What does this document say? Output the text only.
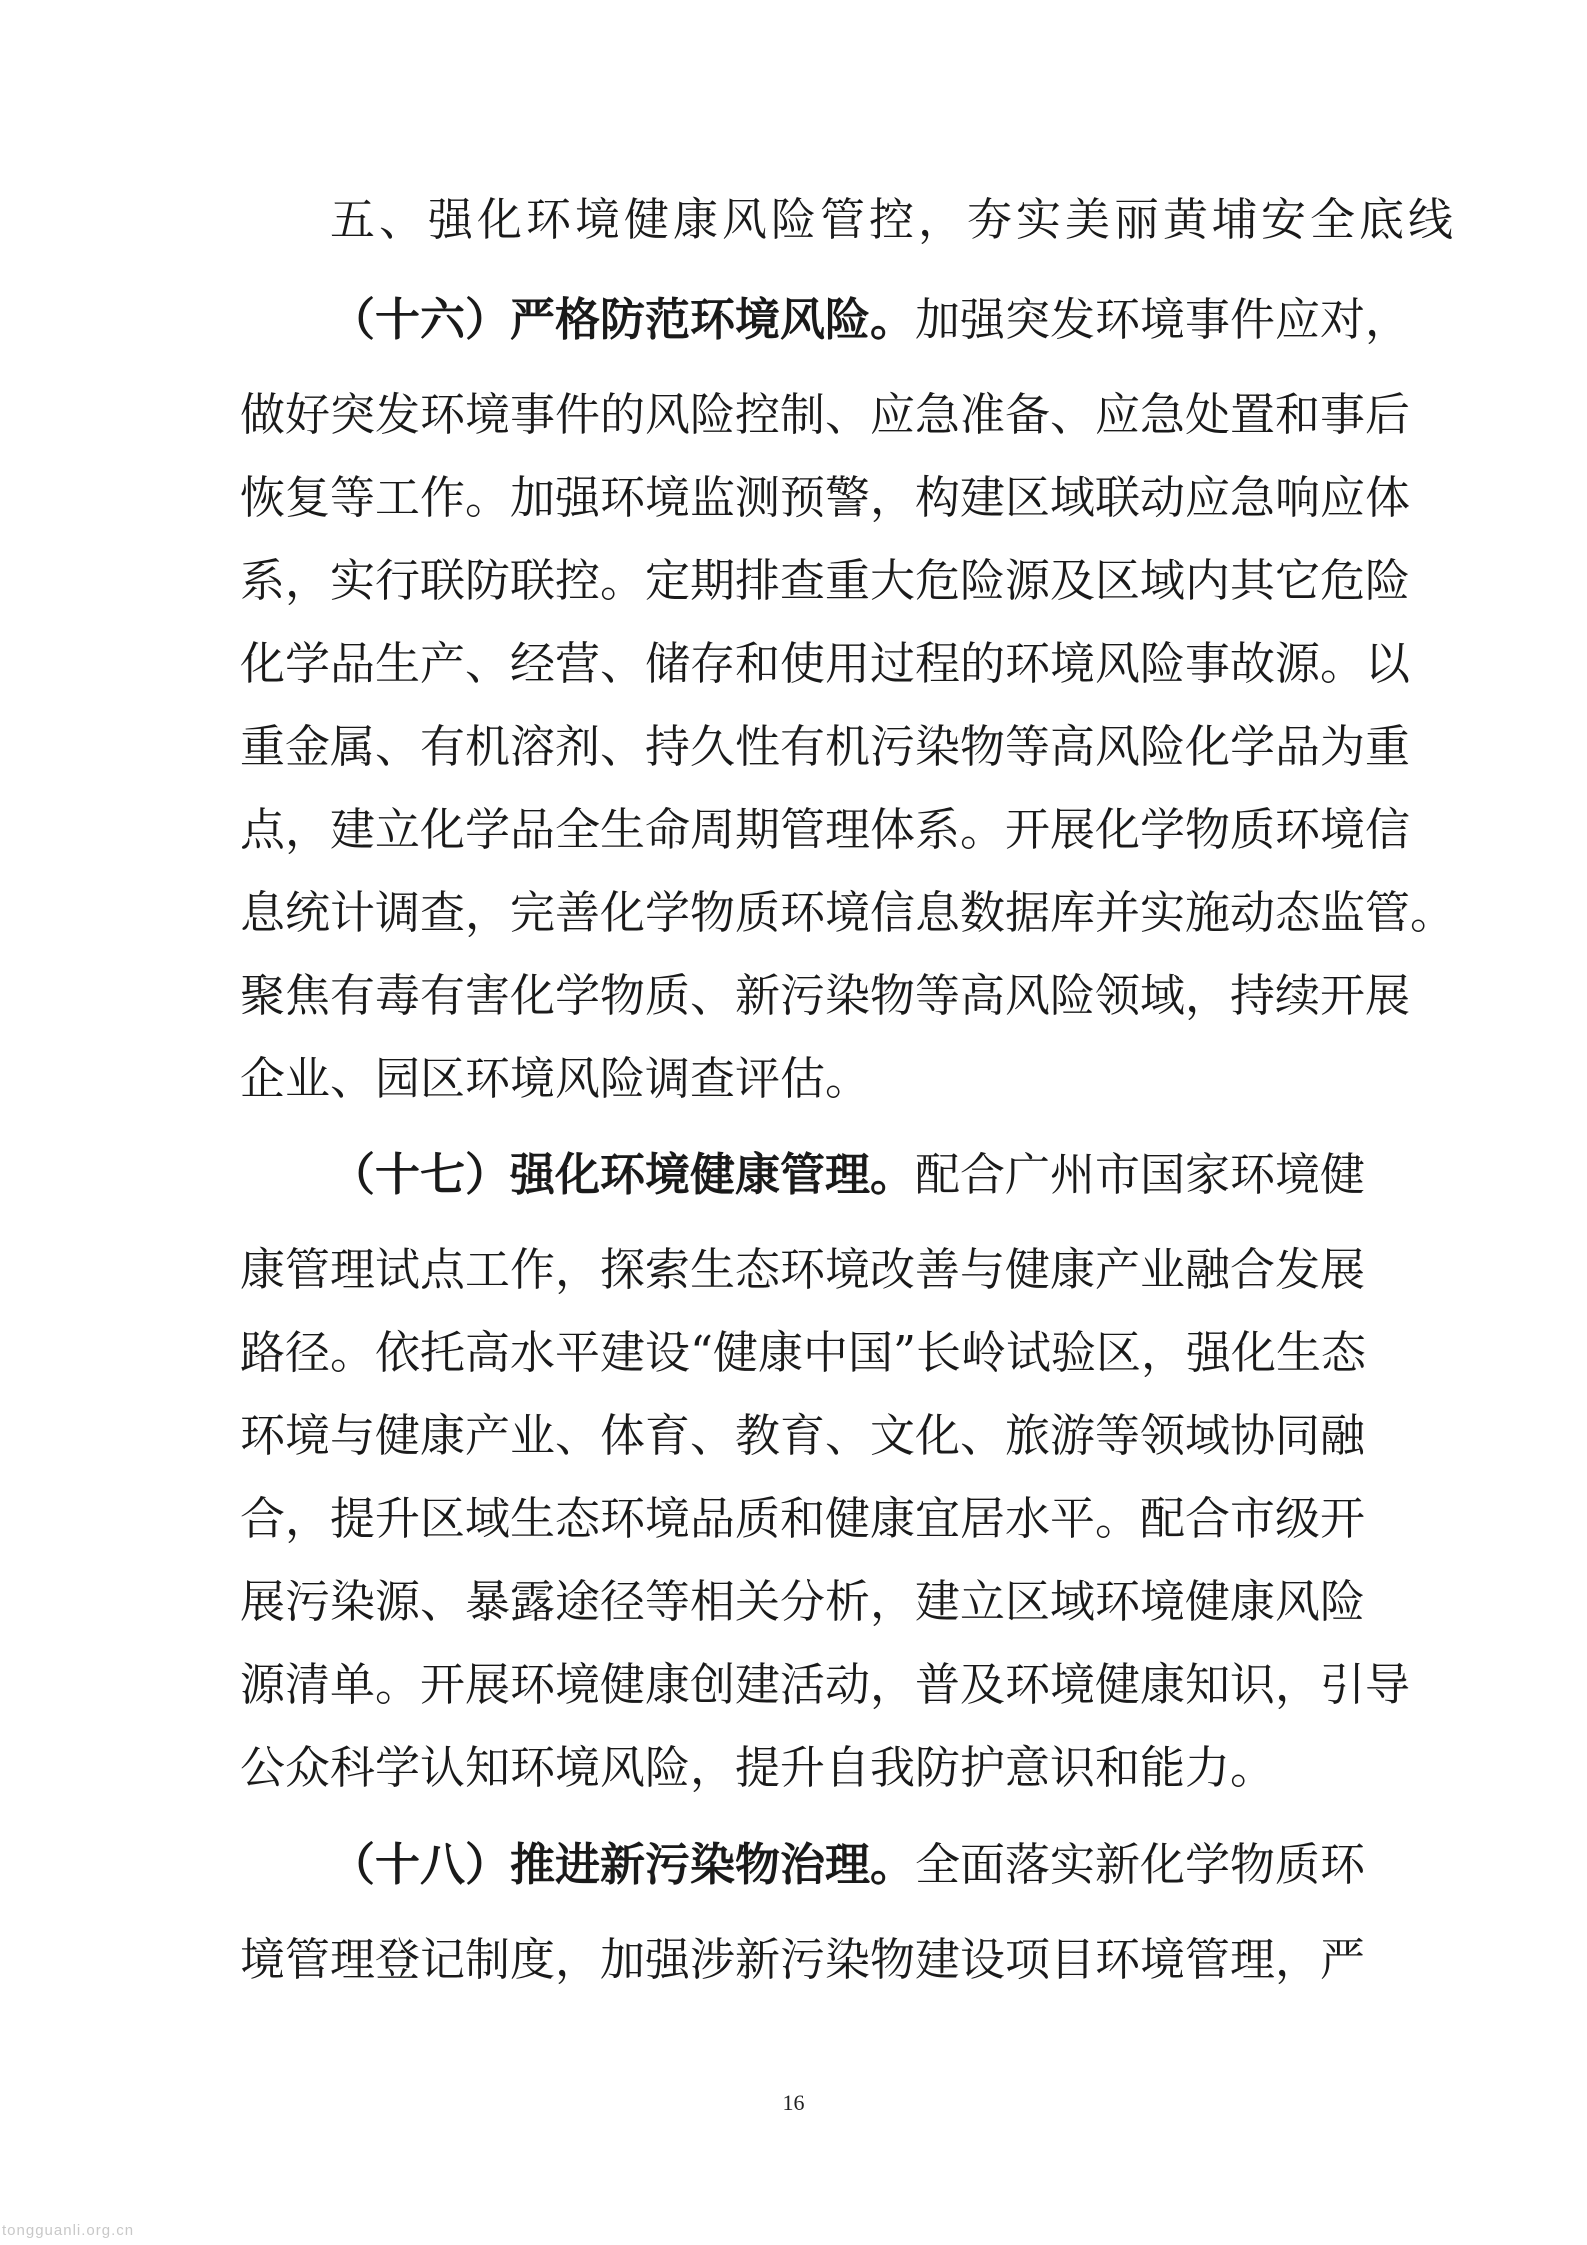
五、强化环境健康风险管控，夯实美丽黄埔安全底线
（十六）严格防范环境风险。加强突发环境事件应对，
做好突发环境事件的风险控制、应急准备、应急处置和事后
恢复等工作。加强环境监测预警，构建区域联动应急响应体
系，实行联防联控。定期排查重大危险源及区域内其它危险
化学品生产、经营、储存和使用过程的环境风险事故源。以
重金属、有机溶剂、持久性有机污染物等高风险化学品为重
点，建立化学品全生命周期管理体系。开展化学物质环境信
息统计调查，完善化学物质环境信息数据库并实施动态监管。
聚焦有毒有害化学物质、新污染物等高风险领域，持续开展
企业、园区环境风险调查评估。
（十七）强化环境健康管理。配合广州市国家环境健
康管理试点工作，探索生态环境改善与健康产业融合发展
路径。依托高水平建设“健康中国”长岭试验区，强化生态
环境与健康产业、体育、教育、文化、旅游等领域协同融
合，提升区域生态环境品质和健康宜居水平。配合市级开
展污染源、暴露途径等相关分析，建立区域环境健康风险
源清单。开展环境健康创建活动，普及环境健康知识，引导
公众科学认知环境风险，提升自我防护意识和能力。
（十八）推进新污染物治理。全面落实新化学物质环
境管理登记制度，加强涉新污染物建设项目环境管理，严
16
tongguanli.org.cn
